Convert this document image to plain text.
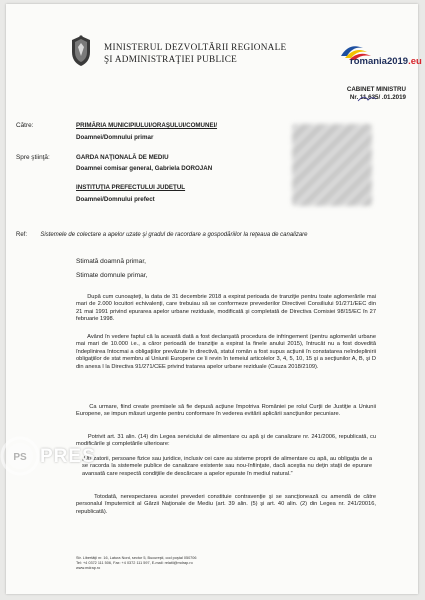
MINISTERUL DEZVOLTĂRII REGIONALE
ŞI ADMINISTRAŢIEI PUBLICE	romania2019.eu
CABINET MINISTRU
Nr. 11.635/ .01.2019
Către:	PRIMĂRIA MUNICIPIULUI/ORAŞULUI/COMUNEI/
Doamnei/Domnului primar
Spre ştiinţă:	GARDA NAŢIONALĂ DE MEDIU
Doamnei comisar general, Gabriela DOROJAN
INSTITUŢIA PREFECTULUI JUDEŢUL
Doamnei/Domnului prefect
Ref: Sistemele de colectare a apelor uzate şi gradul de racordare a gospodăriilor la reţeaua de canalizare
Stimată doamnă primar,
Stimate domnule primar,
După cum cunoaşteţi, la data de 31 decembrie 2018 a expirat perioada de tranziţie pentru toate aglomerările mai mari de 2.000 locuitori echivalenţi, care trebuiau să se conformeze prevederilor Directivei Consiliului 91/271/EEC din 21 mai 1991 privind epurarea apelor urbane reziduale, modificată şi completată de Directiva Comisiei 98/15/EC în 27 februarie 1998.
Având în vedere faptul că la această dată a fost declanşată procedura de infringement (pentru aglomerări urbane mai mari de 10.000 i.e., a căror perioadă de tranziţie a expirat la finele anului 2015), întrucât nu a fost dovedită îndeplinirea întocmai a obligaţiilor prevăzute în directivă, statul român a fost supus acţiunii în constatarea neîndeplinirii obligaţiilor de stat membru al Uniunii Europene ce îi revin în temeiul articolelor 3, 4, 5, 10, 15 şi a secţiunilor A, B, şi D din anexa I la Directiva 91/271/CEE privind tratarea apelor urbane reziduale (Cauza 2018/2109).
Ca urmare, fiind create premisele să fie depusă acţiune împotriva României pe rolul Curţii de Justiţie a Uniunii Europene, se impun măsuri urgente pentru conformare în vederea evitării aplicării sancţiunilor pecuniare.
Potrivit art. 31 alin. (14) din Legea serviciului de alimentare cu apă şi de canalizare nr. 241/2006, republicată, cu modificările şi completările ulterioare:
„Utilizatorii, persoane fizice sau juridice, inclusiv cei care au sisteme proprii de alimentare cu apă, au obligaţia de a se racorda la sistemele publice de canalizare existente sau nou-înfiinţate, dacă aceştia nu deţin staţii de epurare avansată care respectă condiţiile de descărcare a apelor epurate în mediul natural.”
Totodată, nerespectarea acestei prevederi constituie contravenţie şi se sancţionează cu amendă de către personalul împuternicit al Gărzii Naţionale de Mediu (art. 39 alin. (5) şi art. 40 alin. (2) din Legea nr. 241/20016, republicată).
Str. Libertăţii nr. 16, Latura Nord, sector 5, Bucureşti, cod poştal 050706
Tel: +4 0372 111 506, Fax: +4 0372 111 597, E-mail: relatii@mdrap.ro
www.mdrap.ro
PS PRES
